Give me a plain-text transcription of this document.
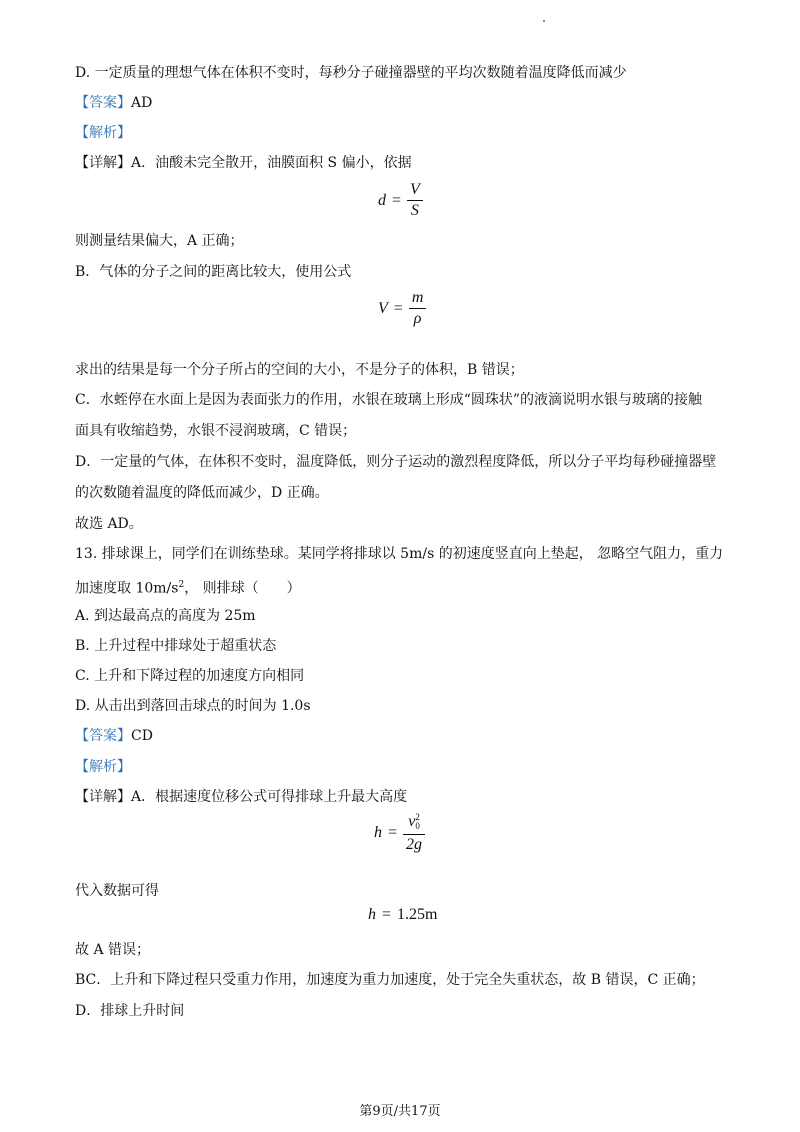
D. 一定质量的理想气体在体积不变时，每秒分子碰撞器壁的平均次数随着温度降低而减少
【答案】AD
【解析】
【详解】A．油酸未完全散开，油膜面积 S 偏小，依据
$d = \frac{V}{S}$
则测量结果偏大，A 正确；
B．气体的分子之间的距离比较大，使用公式
$V = \frac{m}{\rho}$
求出的结果是每一个分子所占的空间的大小，不是分子的体积，B 错误；
C．水蛭停在水面上是因为表面张力的作用，水银在玻璃上形成“圆珠状”的液滴说明水银与玻璃的接触
面具有收缩趋势，水银不浸润玻璃，C 错误；
D．一定量的气体，在体积不变时，温度降低，则分子运动的激烈程度降低，所以分子平均每秒碰撞器壁
的次数随着温度的降低而减少，D 正确。
故选 AD。
13. 排球课上，同学们在训练垫球。某同学将排球以 5m/s 的初速度竖直向上垫起， 忽略空气阻力，重力
加速度取 $10m/s^2$， 则排球（　　）
A. 到达最高点的高度为 25m
B. 上升过程中排球处于超重状态
C. 上升和下降过程的加速度方向相同
D. 从击出到落回击球点的时间为 1.0s
【答案】CD
【解析】
【详解】A．根据速度位移公式可得排球上升最大高度
h = v 2
0
2g
代入数据可得
h = 1.25m
故 A 错误；
BC．上升和下降过程只受重力作用，加速度为重力加速度，处于完全失重状态，故 B 错误，C 正确；
D．排球上升时间
第9页/共17页
